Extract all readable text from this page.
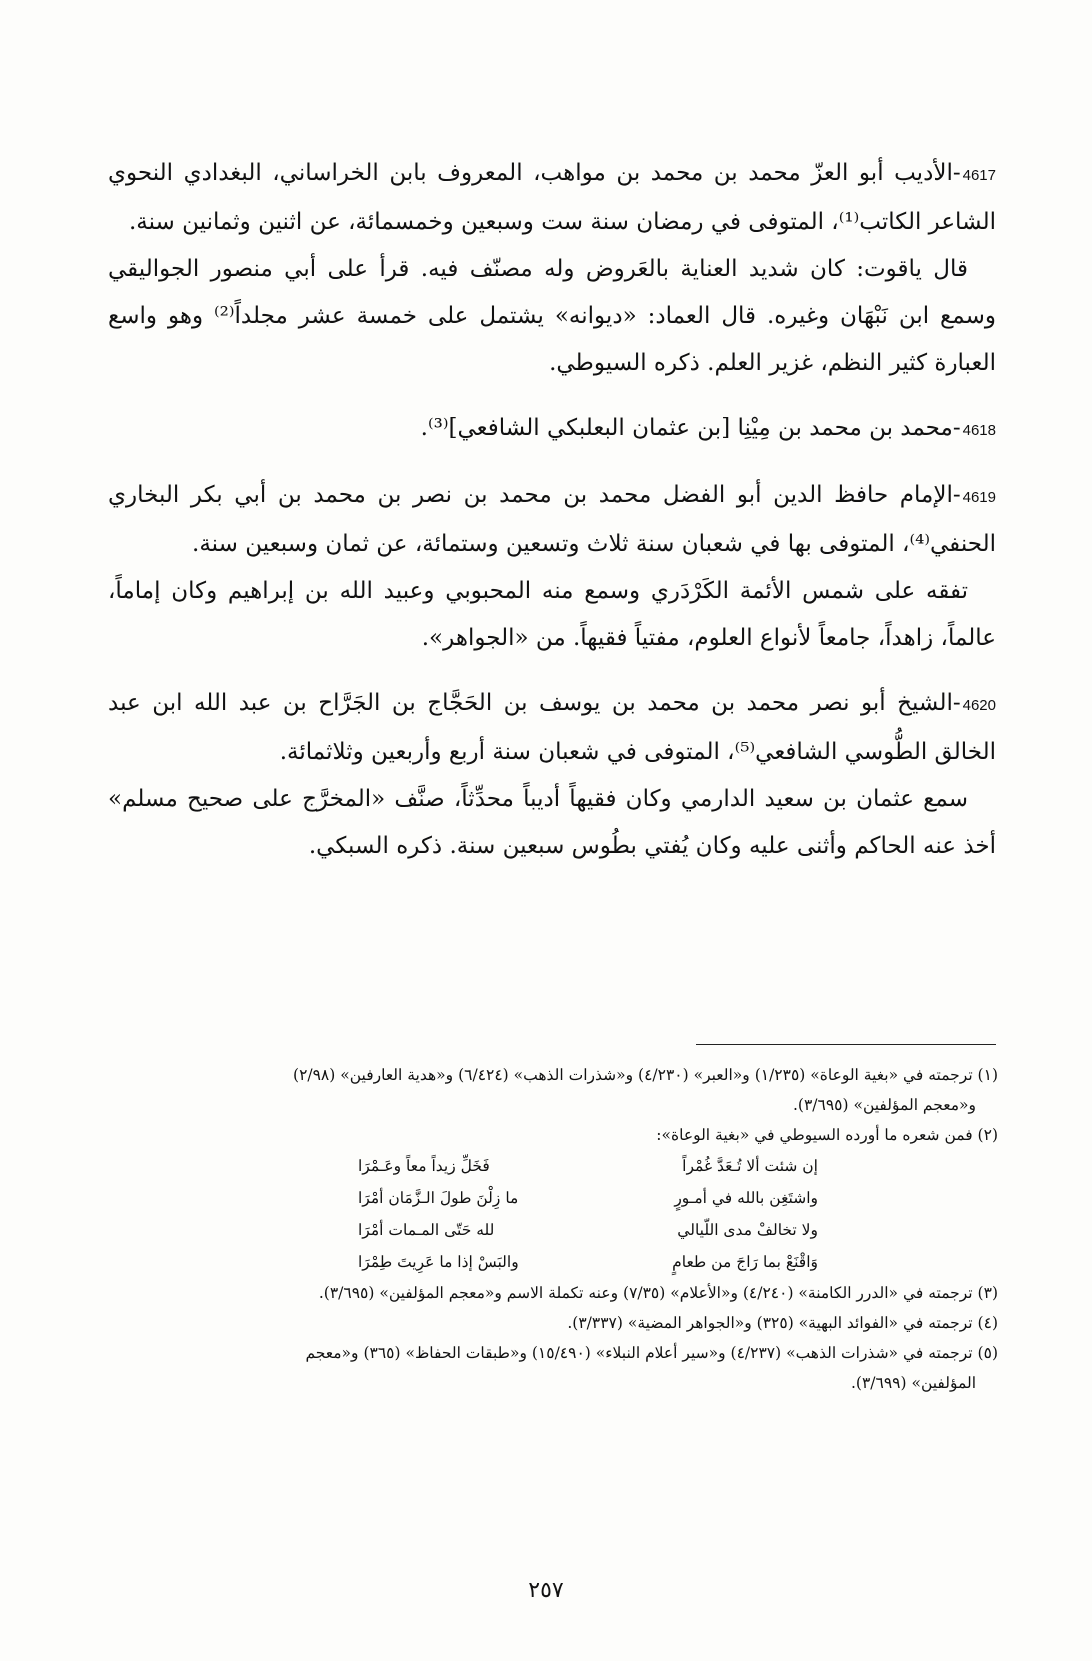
4617-الأديب أبو العزّ محمد بن محمد بن مواهب، المعروف بابن الخراساني، البغدادي النحوي الشاعر الكاتب⁽¹⁾، المتوفى في رمضان سنة ست وسبعين وخمسمائة، عن اثنين وثمانين سنة.

قال ياقوت: كان شديد العناية بالعَروض وله مصنّف فيه. قرأ على أبي منصور الجواليقي وسمع ابن نَبْهَان وغيره. قال العماد: «ديوانه» يشتمل على خمسة عشر مجلداً⁽²⁾ وهو واسع العبارة كثير النظم، غزير العلم. ذكره السيوطي.

4618-محمد بن محمد بن مِيْنِا [بن عثمان البعلبكي الشافعي]⁽³⁾.

4619-الإمام حافظ الدين أبو الفضل محمد بن محمد بن نصر بن محمد بن أبي بكر البخاري الحنفي⁽⁴⁾، المتوفى بها في شعبان سنة ثلاث وتسعين وستمائة، عن ثمان وسبعين سنة.

تفقه على شمس الأئمة الكَرْدَري وسمع منه المحبوبي وعبيد الله بن إبراهيم وكان إماماً، عالماً، زاهداً، جامعاً لأنواع العلوم، مفتياً فقيهاً. من «الجواهر».

4620-الشيخ أبو نصر محمد بن محمد بن يوسف بن الحَجَّاج بن الجَرَّاح بن عبد الله ابن عبد الخالق الطُّوسي الشافعي⁽⁵⁾، المتوفى في شعبان سنة أربع وأربعين وثلاثمائة.

سمع عثمان بن سعيد الدارمي وكان فقيهاً أديباً محدِّثاً، صنَّف «المخرَّج على صحيح مسلم» أخذ عنه الحاكم وأثنى عليه وكان يُفتي بطُوس سبعين سنة. ذكره السبكي.

(١) ترجمته في «بغية الوعاة» (١/٢٣٥) و«العبر» (٤/٢٣٠) و«شذرات الذهب» (٦/٤٢٤) و«هدية العارفين» (٢/٩٨)

و«معجم المؤلفين» (٣/٦٩٥).

(٢) فمن شعره ما أورده السيوطي في «بغية الوعاة»:

إن شئت ألا تُـعَدَّ غُمْراً
فَخَلِّ زيداً معاً وعَـمْرَا
واشتَغِن بالله في أمـورٍ
ما زِلْنَ طولَ الـزَّمَان أمْرَا
ولا تخالفْ مدى اللّيالي
لله حَتّى المـمات أمْرَا
وَاقْنَعْ بما رَاجَ من طعامٍ
والبَسْ إذا ما عَرِيتَ طِمْرَا

(٣) ترجمته في «الدرر الكامنة» (٤/٢٤٠) و«الأعلام» (٧/٣٥) وعنه تكملة الاسم و«معجم المؤلفين» (٣/٦٩٥).

(٤) ترجمته في «الفوائد البهية» (٣٢٥) و«الجواهر المضية» (٣/٣٣٧).

(٥) ترجمته في «شذرات الذهب» (٤/٢٣٧) و«سير أعلام النبلاء» (١٥/٤٩٠) و«طبقات الحفاظ» (٣٦٥) و«معجم

المؤلفين» (٣/٦٩٩).

٢٥٧
